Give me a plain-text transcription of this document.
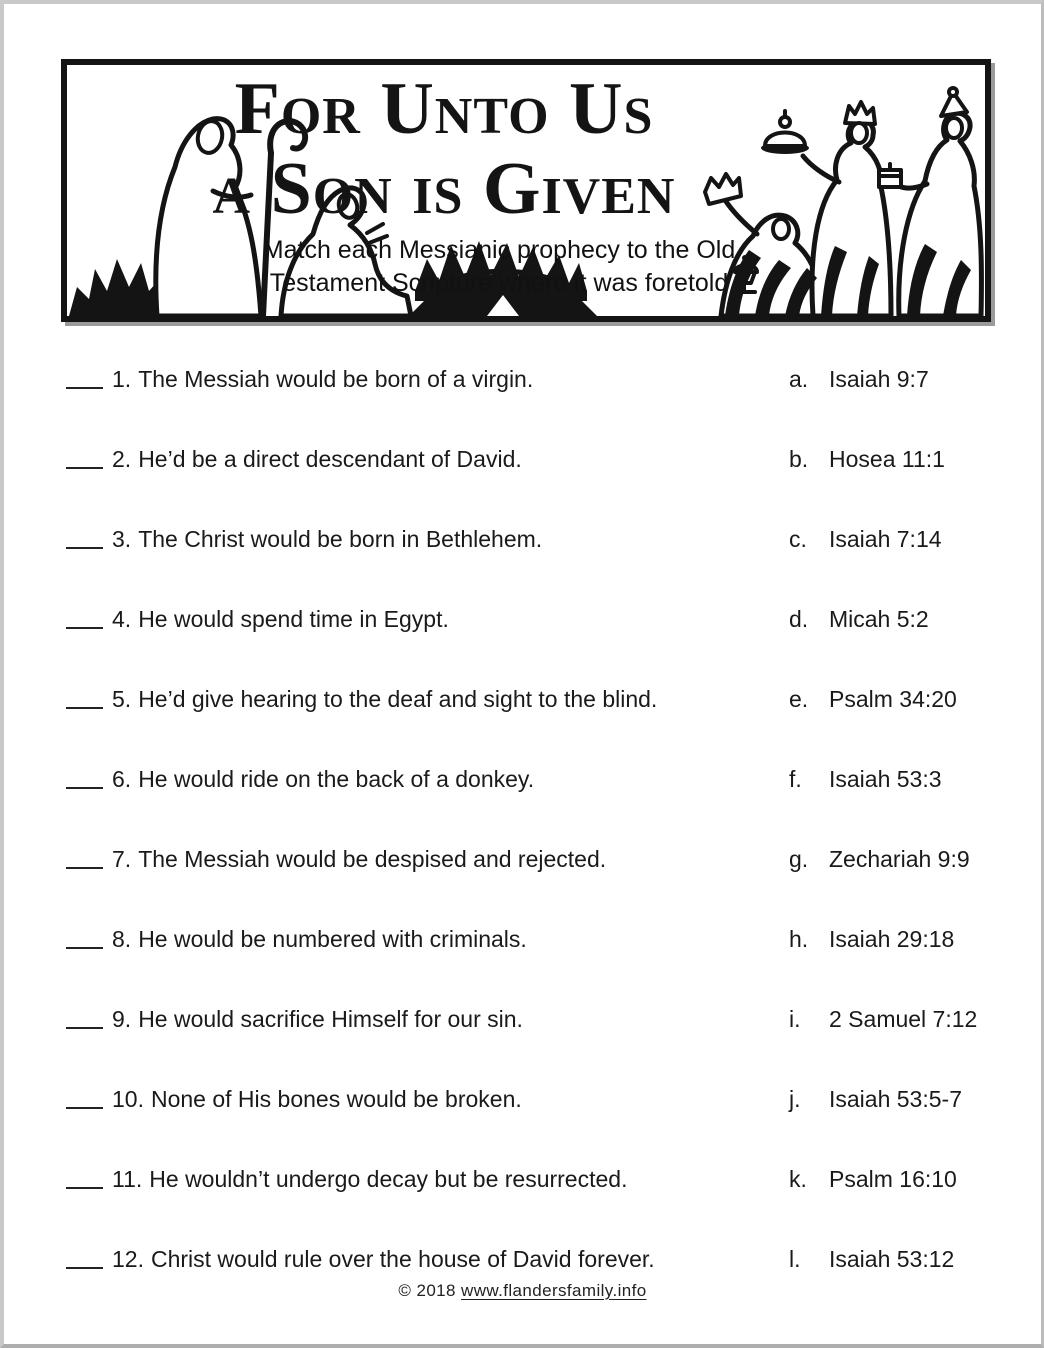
For Unto Us
a Son is Given
Match each Messianic prophecy to the Old
Testament Scripture where it was foretold
1. The Messiah would be born of a virgin.	a. Isaiah 9:7
2. He’d be a direct descendant of David.	b. Hosea 11:1
3. The Christ would be born in Bethlehem.	c. Isaiah 7:14
4. He would spend time in Egypt.	d. Micah 5:2
5. He’d give hearing to the deaf and sight to the blind.	e. Psalm 34:20
6. He would ride on the back of a donkey.	f.	Isaiah 53:3
7. The Messiah would be despised and rejected.	g. Zechariah 9:9
8. He would be numbered with criminals.	h. Isaiah 29:18
9. He would sacrifice Himself for our sin.	i.	2 Samuel 7:12
10. None of His bones would be broken.	j.	Isaiah 53:5-7
11. He wouldn’t undergo decay but be resurrected.	k. Psalm 16:10
12. Christ would rule over the house of David forever.	l.	Isaiah 53:12
© 2018 www.flandersfamily.info
